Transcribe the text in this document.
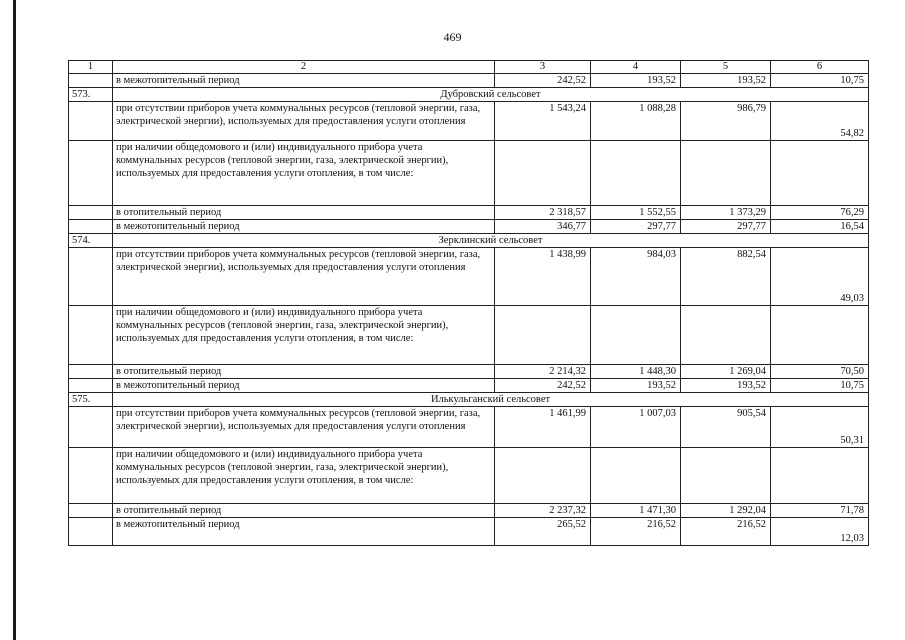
469
1	2	3	4	5	6
	в межотопительный период	242,52	193,52	193,52	10,75
573.	Дубровский сельсовет				
	при отсутствии приборов учета коммунальных ресурсов (тепловой энергии, газа, электрической энергии), используемых для предоставления услуги отопления	1 543,24	1 088,28	986,79	54,82
	при наличии общедомового и (или) индивидуального прибора учета коммунальных ресурсов (тепловой энергии, газа, электрической энергии), используемых для предоставления услуги отопления, в том числе:				
	в отопительный период	2 318,57	1 552,55	1 373,29	76,29
	в межотопительный период	346,77	297,77	297,77	16,54
574.	Зерклинский сельсовет				
	при отсутствии приборов учета коммунальных ресурсов (тепловой энергии, газа, электрической энергии), используемых для предоставления услуги отопления	1 438,99	984,03	882,54	49,03
	при наличии общедомового и (или) индивидуального прибора учета коммунальных ресурсов (тепловой энергии, газа, электрической энергии), используемых для предоставления услуги отопления, в том числе:				
	в отопительный период	2 214,32	1 448,30	1 269,04	70,50
	в межотопительный период	242,52	193,52	193,52	10,75
575.	Илькульганский сельсовет				
	при отсутствии приборов учета коммунальных ресурсов (тепловой энергии, газа, электрической энергии), используемых для предоставления услуги отопления	1 461,99	1 007,03	905,54	50,31
	при наличии общедомового и (или) индивидуального прибора учета коммунальных ресурсов (тепловой энергии, газа, электрической энергии), используемых для предоставления услуги отопления, в том числе:				
	в отопительный период	2 237,32	1 471,30	1 292,04	71,78
	в межотопительный период	265,52	216,52	216,52	12,03
